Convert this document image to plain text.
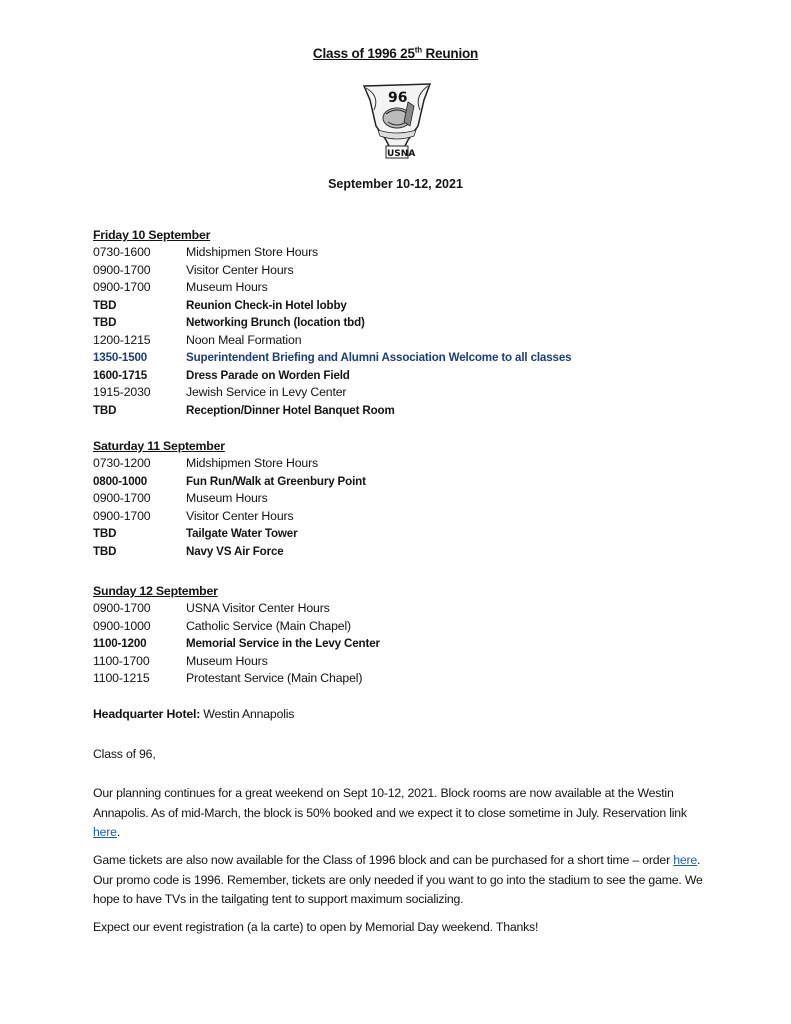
Class of 1996 25th Reunion
96
USNA
September 10-12, 2021
Friday 10 September
0730-1600	Midshipmen Store Hours
0900-1700	Visitor Center Hours
0900-1700	Museum Hours
TBD	Reunion Check-in Hotel lobby
TBD	Networking Brunch (location tbd)
1200-1215	Noon Meal Formation
1350-1500	Superintendent Briefing and Alumni Association Welcome to all classes
1600-1715	Dress Parade on Worden Field
1915-2030	Jewish Service in Levy Center
TBD	Reception/Dinner Hotel Banquet Room
Saturday 11 September
0730-1200	Midshipmen Store Hours
0800-1000	Fun Run/Walk at Greenbury Point
0900-1700	Museum Hours
0900-1700	Visitor Center Hours
TBD	Tailgate Water Tower
TBD	Navy VS Air Force
Sunday 12 September
0900-1700	USNA Visitor Center Hours
0900-1000	Catholic Service (Main Chapel)
1100-1200	Memorial Service in the Levy Center
1100-1700	Museum Hours
1100-1215	Protestant Service (Main Chapel)
Headquarter Hotel: Westin Annapolis
Class of 96,
Our planning continues for a great weekend on Sept 10-12, 2021. Block rooms are now available at the Westin Annapolis. As of mid-March, the block is 50% booked and we expect it to close sometime in July. Reservation link here.
Game tickets are also now available for the Class of 1996 block and can be purchased for a short time – order here. Our promo code is 1996. Remember, tickets are only needed if you want to go into the stadium to see the game. We hope to have TVs in the tailgating tent to support maximum socializing.
Expect our event registration (a la carte) to open by Memorial Day weekend. Thanks!
